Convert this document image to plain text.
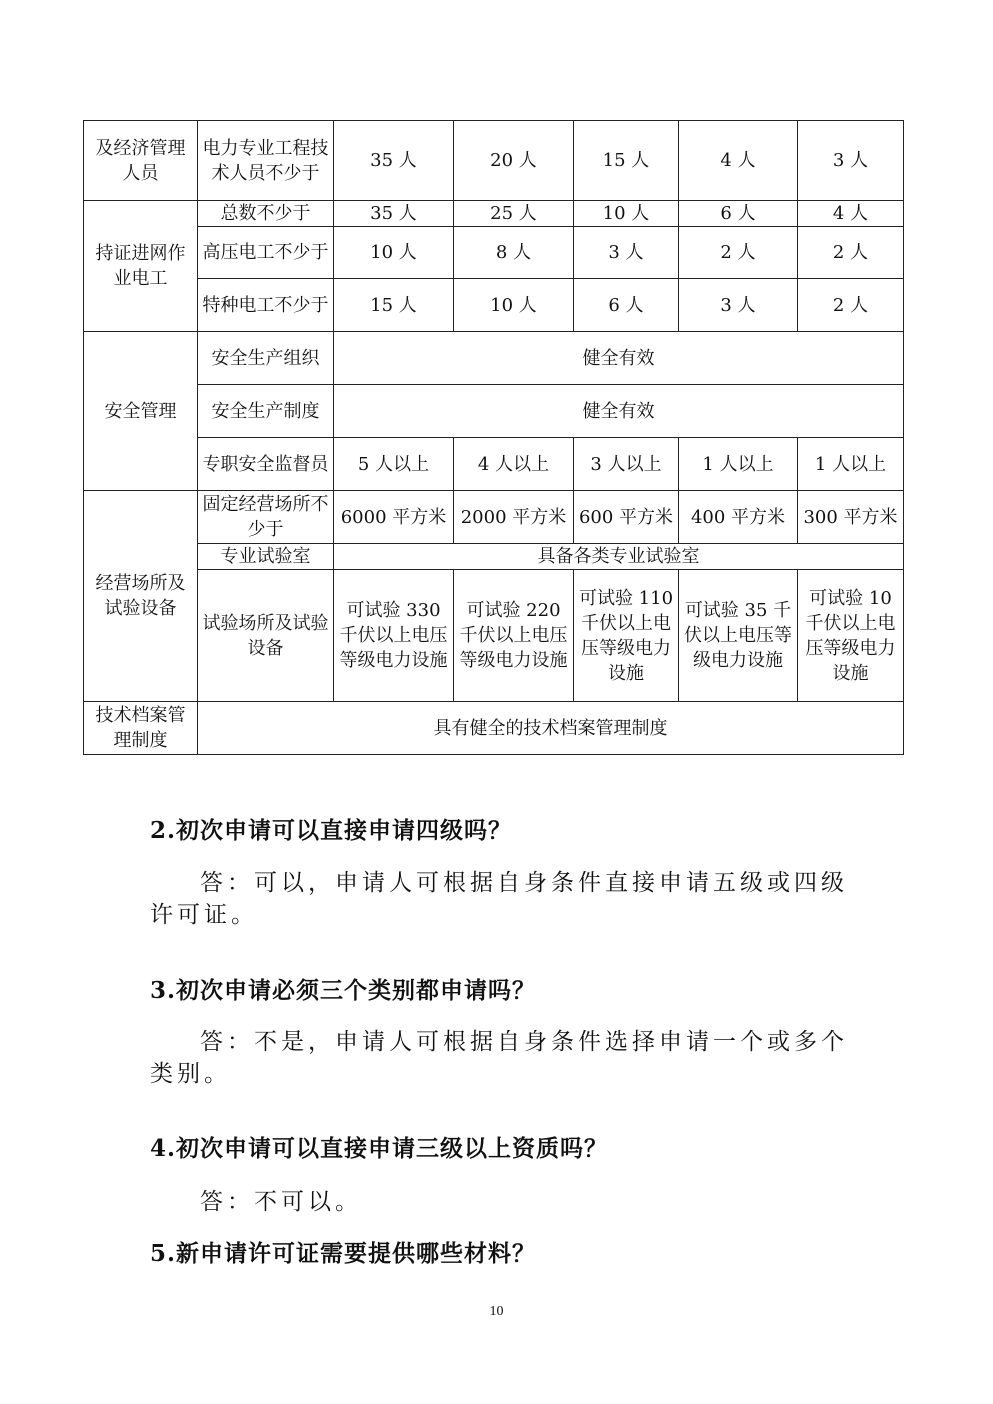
及经济管理人员	电力专业工程技术人员不少于	35 人	20 人	15 人	4 人	3 人
持证进网作业电工	总数不少于	35 人	25 人	10 人	6 人	4 人
	高压电工不少于	10 人	8 人	3 人	2 人	2 人
	特种电工不少于	15 人	10 人	6 人	3 人	2 人
安全管理	安全生产组织	健全有效				
	安全生产制度	健全有效				
	专职安全监督员	5 人以上	4 人以上	3 人以上	1 人以上	1 人以上
经营场所及试验设备	固定经营场所不少于	6000 平方米	2000 平方米	600 平方米	400 平方米	300 平方米
	专业试验室	具备各类专业试验室				
	试验场所及试验设备	可试验 330 千伏以上电压等级电力设施	可试验 220 千伏以上电压等级电力设施	可试验 110 千伏以上电压等级电力设施	可试验 35 千伏以上电压等级电力设施	可试验 10 千伏以上电压等级电力设施
技术档案管理制度	具有健全的技术档案管理制度					
2.初次申请可以直接申请四级吗？
答：可以，申请人可根据自身条件直接申请五级或四级许可证。
3.初次申请必须三个类别都申请吗？
答：不是，申请人可根据自身条件选择申请一个或多个类别。
4.初次申请可以直接申请三级以上资质吗？
答：不可以。
5.新申请许可证需要提供哪些材料？
10
